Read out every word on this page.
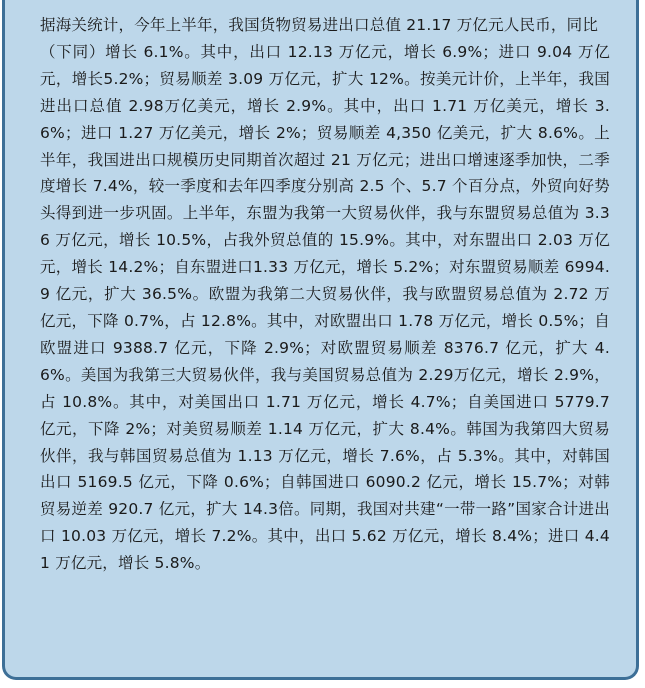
据海关统计，今年上半年，我国货物贸易进出口总值 21.17 万亿元人民币，同比

（下同）增长 6.1%。其中，出口 12.13 万亿元，增长 6.9%；进口 9.04 万亿元，增长5.2%；贸易顺差 3.09 万亿元，扩大 12%。按美元计价，上半年，我国进出口总值 2.98万亿美元，增长 2.9%。其中，出口 1.71 万亿美元，增长 3.6%；进口 1.27 万亿美元，增长 2%；贸易顺差 4,350 亿美元，扩大 8.6%。上半年，我国进出口规模历史同期首次超过 21 万亿元；进出口增速逐季加快，二季度增长 7.4%，较一季度和去年四季度分别高 2.5 个、5.7 个百分点，外贸向好势头得到进一步巩固。上半年，东盟为我第一大贸易伙伴，我与东盟贸易总值为 3.36 万亿元，增长 10.5%，占我外贸总值的 15.9%。其中，对东盟出口 2.03 万亿元，增长 14.2%；自东盟进口1.33 万亿元，增长 5.2%；对东盟贸易顺差 6994.9 亿元，扩大 36.5%。欧盟为我第二大贸易伙伴，我与欧盟贸易总值为 2.72 万亿元，下降 0.7%，占 12.8%。其中，对欧盟出口 1.78 万亿元，增长 0.5%；自欧盟进口 9388.7 亿元，下降 2.9%；对欧盟贸易顺差 8376.7 亿元，扩大 4.6%。美国为我第三大贸易伙伴，我与美国贸易总值为 2.29万亿元，增长 2.9%，占 10.8%。其中，对美国出口 1.71 万亿元，增长 4.7%；自美国进口 5779.7 亿元，下降 2%；对美贸易顺差 1.14 万亿元，扩大 8.4%。韩国为我第四大贸易伙伴，我与韩国贸易总值为 1.13 万亿元，增长 7.6%，占 5.3%。其中，对韩国出口 5169.5 亿元，下降 0.6%；自韩国进口 6090.2 亿元，增长 15.7%；对韩贸易逆差 920.7 亿元，扩大 14.3倍。同期，我国对共建“一带一路”国家合计进出口 10.03 万亿元，增长 7.2%。其中，出口 5.62 万亿元，增长 8.4%；进口 4.41 万亿元，增长 5.8%。
